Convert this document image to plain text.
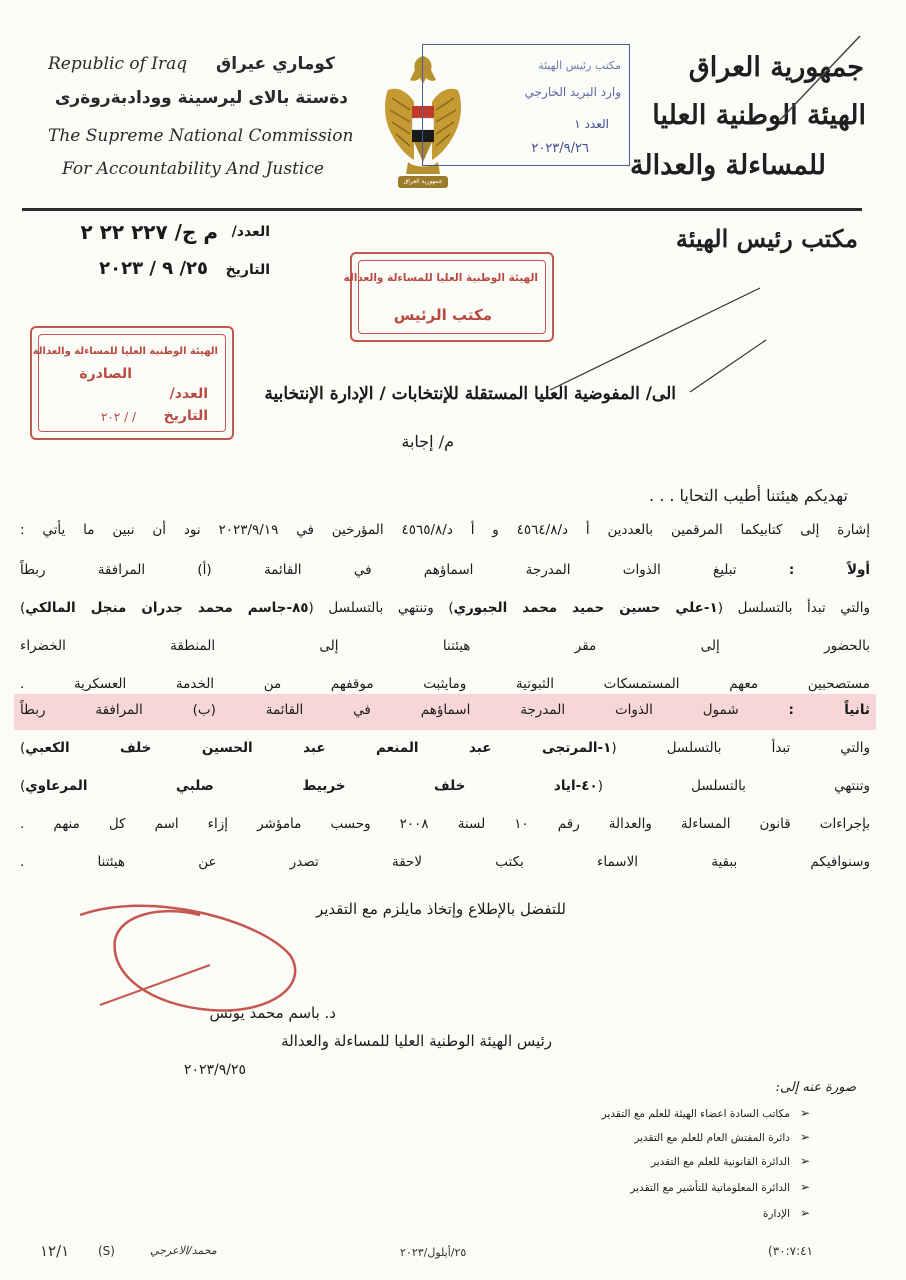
Republic of Iraq كوماري عيراق
دةستة بالاى ليرسينة وودادبةروةرى
The Supreme National Commission
For Accountability And Justice
جمهورية العراق
مكتب رئيس الهيئة
وارد البريد الخارجي
العدد ١
٢٠٢٣/٩/٢٦
جمهورية العراق
الهيئة الوطنية العليا
للمساءلة والعدالة
العدد/
م ج/ ٢٢٧ ٢٢ ٢
التاريخ
٢٥/ ٩ / ٢٠٢٣
مكتب رئيس الهيئة
الهيئة الوطنية العليا للمساءلة والعدالة
مكتب الرئيس
الهيئة الوطنية العليا للمساءلة والعدالة
الصادرة
العدد/
التاريخ
/ / ٢٠٢
الى/ المفوضية العليا المستقلة للإنتخابات / الإدارة الإنتخابية
م/ إجابة
تهديكم هيئتنا أطيب التحايا . . .
إشارة إلى كتابيكما المرقمين بالعددين أ د/٤٥٦٤/٨ و أ د/٤٥٦٥/٨ المؤرخين في ٢٠٢٣/٩/١٩ نود أن نبين ما يأتي :
أولاً : تبليغ الذوات المدرجة اسماؤهم في القائمة (أ) المرافقة ربطاً
والتي تبدأ بالتسلسل (١-علي حسين حميد محمد الجبوري) وتنتهي بالتسلسل (٨٥-جاسم محمد جدران منجل المالكي)
بالحضور إلى مقر هيئتنا إلى المنطقة الخضراء
مستصحبين معهم المستمسكات الثبوتية ومايثبت موقفهم من الخدمة العسكرية .
ثانياً : شمول الذوات المدرجة اسماؤهم في القائمة (ب) المرافقة ربطاً
والتي تبدأ بالتسلسل (١-المرتجى عبد المنعم عبد الحسين خلف الكعبي)
وتنتهي بالتسلسل (٤٠-اياد خلف خربيط صلبي المرعاوي)
بإجراءات قانون المساءلة والعدالة رقم ١٠ لسنة ٢٠٠٨ وحسب مامؤشر إزاء اسم كل منهم .
وسنوافيكم ببقية الاسماء بكتب لاحقة تصدر عن هيئتنا .
للتفضل بالإطلاع وإتخاذ مايلزم مع التقدير
د. باسم محمد يونس
رئيس الهيئة الوطنية العليا للمساءلة والعدالة
٢٠٢٣/٩/٢٥
صورة عنه إلى:
➢
مكاتب السادة اعضاء الهيئة للعلم مع التقدير
➢
دائرة المفتش العام للعلم مع التقدير
➢
الدائرة القانونية للعلم مع التقدير
➢
الدائرة المعلوماتية للتأشير مع التقدير
➢
الإدارة
١٢/١ (S)	محمد/الاعرجي	٢٥/أيلول/٢٠٢٣	(٣٠:٧:٤١
